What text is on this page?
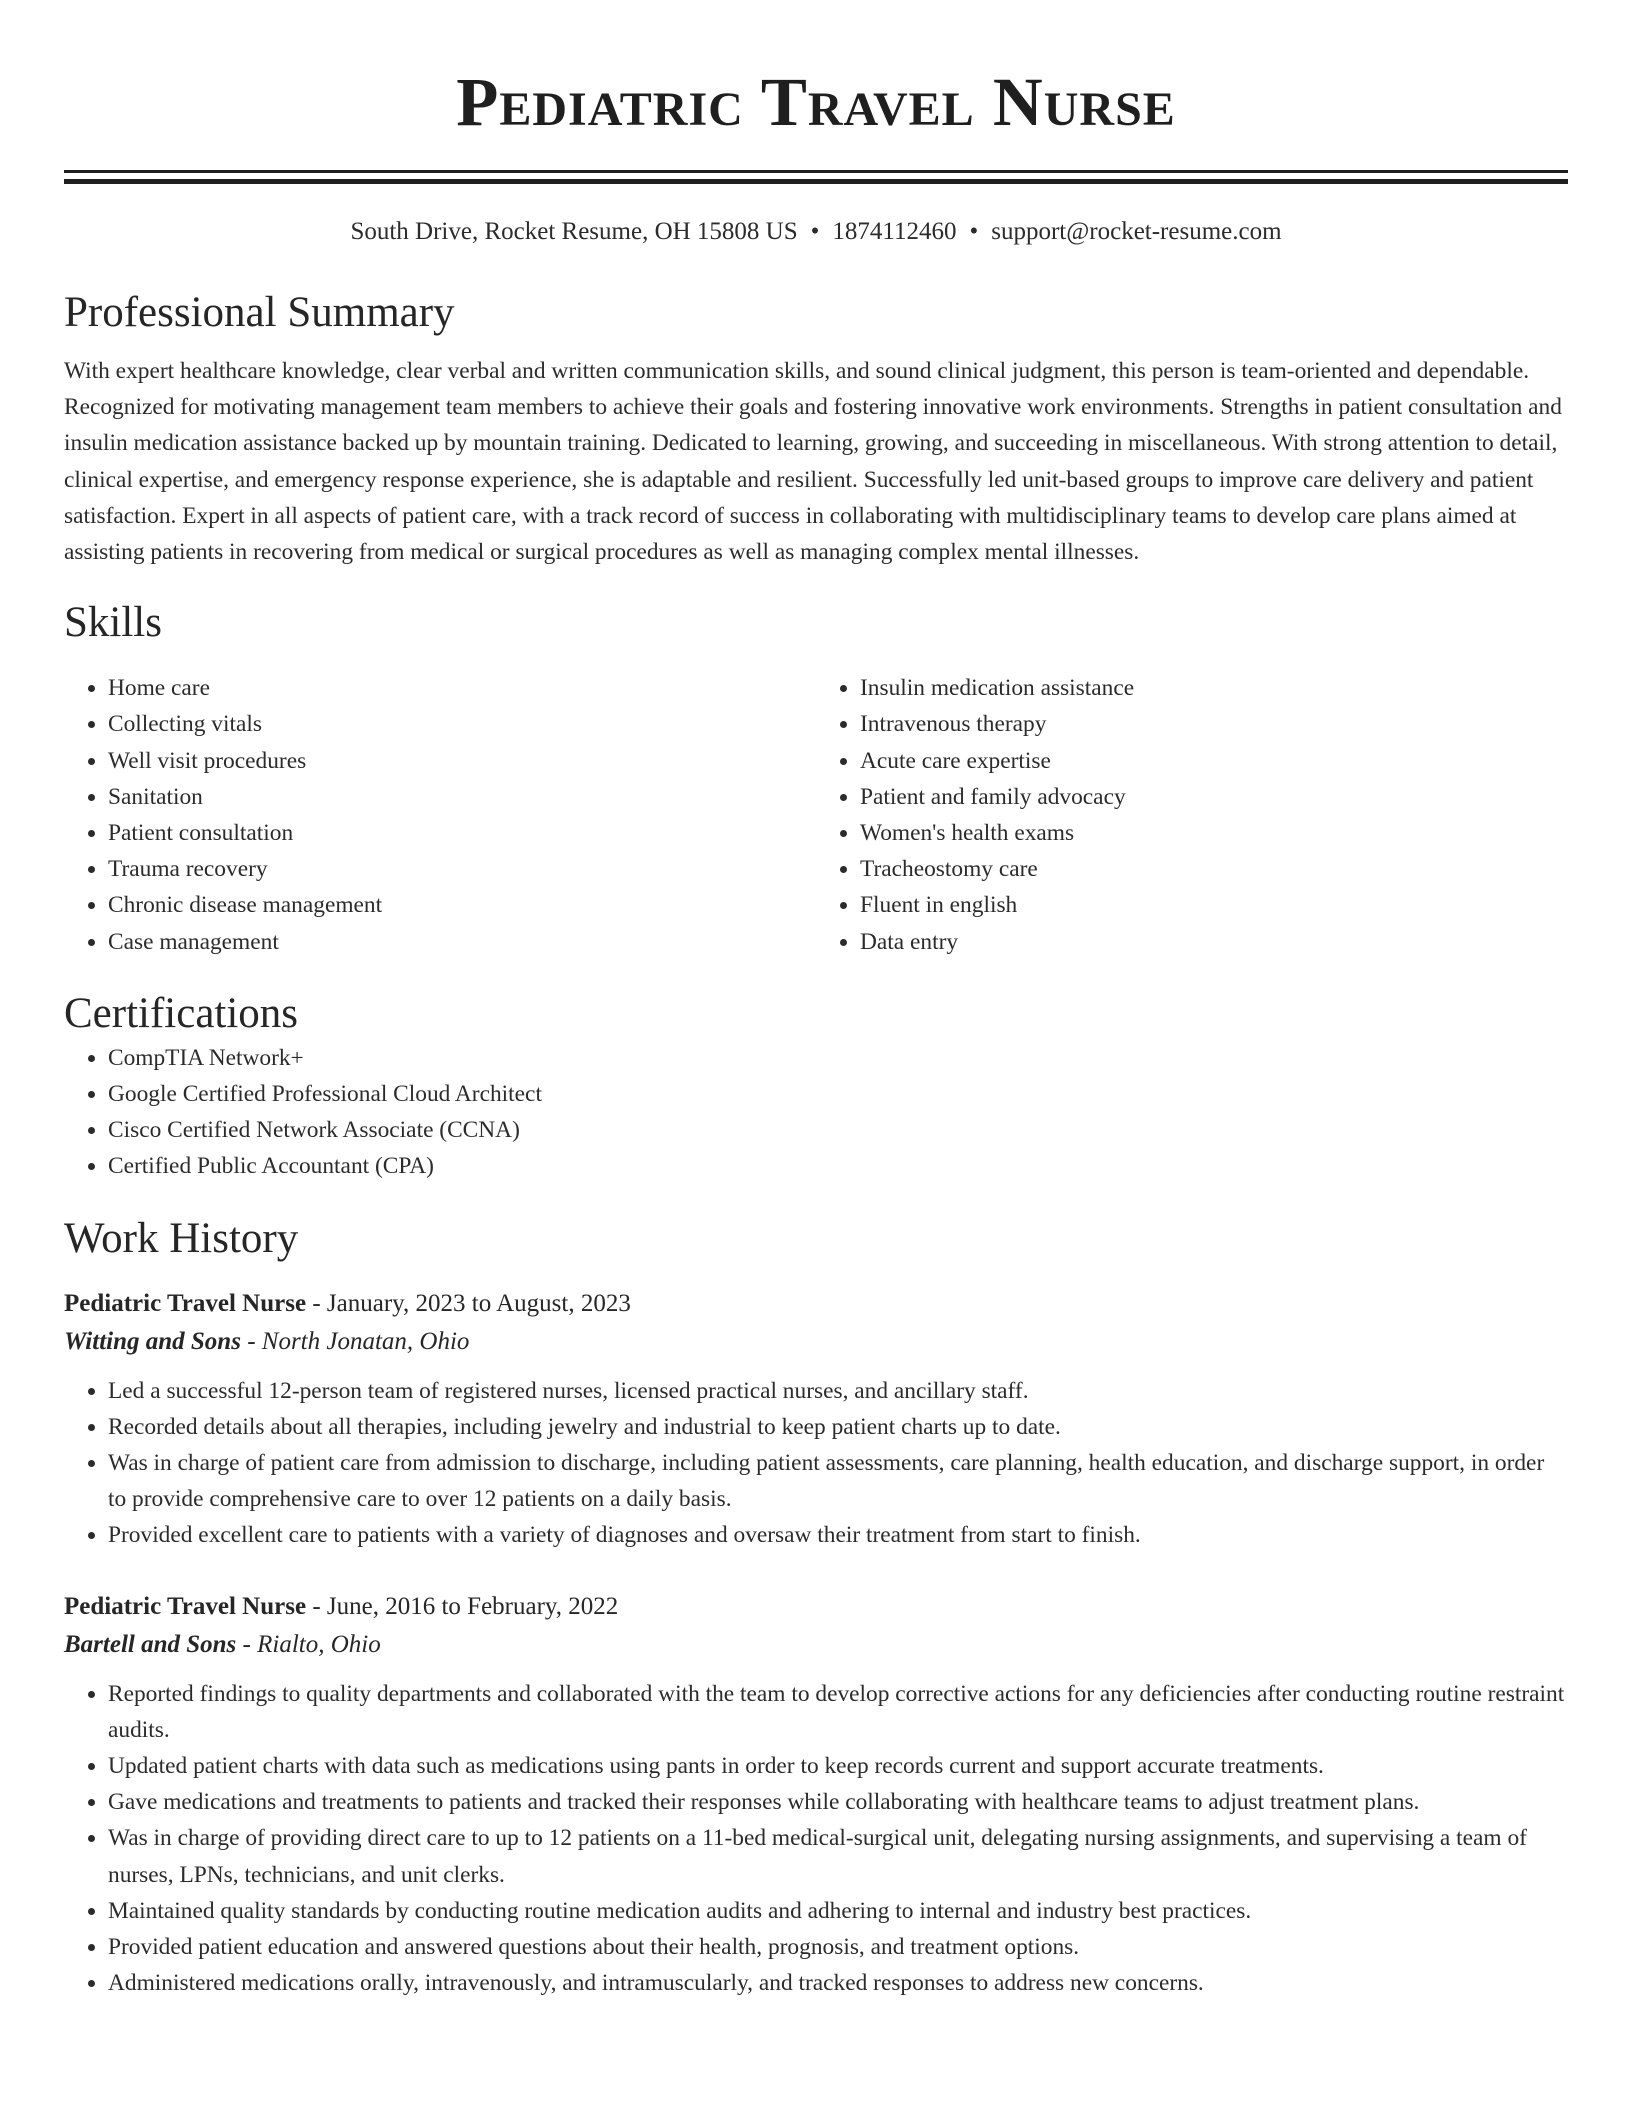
Pediatric Travel Nurse
South Drive, Rocket Resume, OH 15808 US • 1874112460 • support@rocket-resume.com
Professional Summary

With expert healthcare knowledge, clear verbal and written communication skills, and sound clinical judgment, this person is team-oriented and dependable. Recognized for motivating management team members to achieve their goals and fostering innovative work environments. Strengths in patient consultation and insulin medication assistance backed up by mountain training. Dedicated to learning, growing, and succeeding in miscellaneous. With strong attention to detail, clinical expertise, and emergency response experience, she is adaptable and resilient. Successfully led unit-based groups to improve care delivery and patient satisfaction. Expert in all aspects of patient care, with a track record of success in collaborating with multidisciplinary teams to develop care plans aimed at assisting patients in recovering from medical or surgical procedures as well as managing complex mental illnesses.

Skills
• Home care
• Collecting vitals
• Well visit procedures
• Sanitation
• Patient consultation
• Trauma recovery
• Chronic disease management
• Case management
• Insulin medication assistance
• Intravenous therapy
• Acute care expertise
• Patient and family advocacy
• Women's health exams
• Tracheostomy care
• Fluent in english
• Data entry
Certifications
• CompTIA Network+
• Google Certified Professional Cloud Architect
• Cisco Certified Network Associate (CCNA)
• Certified Public Accountant (CPA)
Work History
Pediatric Travel Nurse - January, 2023 to August, 2023
Witting and Sons - North Jonatan, Ohio
• Led a successful 12-person team of registered nurses, licensed practical nurses, and ancillary staff.
• Recorded details about all therapies, including jewelry and industrial to keep patient charts up to date.
• Was in charge of patient care from admission to discharge, including patient assessments, care planning, health education, and discharge support, in order to provide comprehensive care to over 12 patients on a daily basis.
• Provided excellent care to patients with a variety of diagnoses and oversaw their treatment from start to finish.
Pediatric Travel Nurse - June, 2016 to February, 2022
Bartell and Sons - Rialto, Ohio
• Reported findings to quality departments and collaborated with the team to develop corrective actions for any deficiencies after conducting routine restraint audits.
• Updated patient charts with data such as medications using pants in order to keep records current and support accurate treatments.
• Gave medications and treatments to patients and tracked their responses while collaborating with healthcare teams to adjust treatment plans.
• Was in charge of providing direct care to up to 12 patients on a 11-bed medical-surgical unit, delegating nursing assignments, and supervising a team of nurses, LPNs, technicians, and unit clerks.
• Maintained quality standards by conducting routine medication audits and adhering to internal and industry best practices.
• Provided patient education and answered questions about their health, prognosis, and treatment options.
• Administered medications orally, intravenously, and intramuscularly, and tracked responses to address new concerns.
